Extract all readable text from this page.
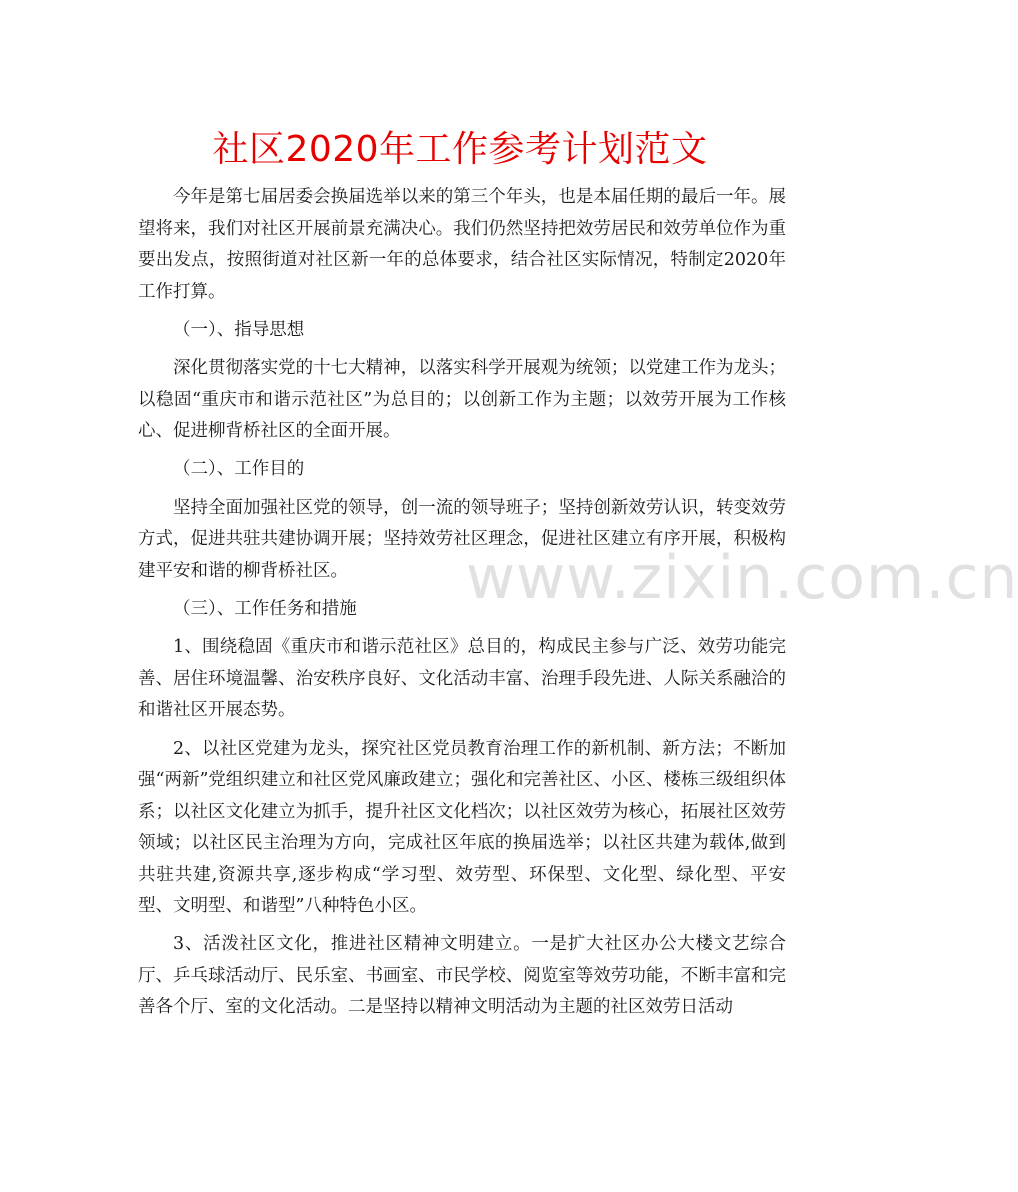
社区2020年工作参考计划范文

今年是第七届居委会换届选举以来的第三个年头，也是本届任期的最后一年。展望将来，我们对社区开展前景充满决心。我们仍然坚持把效劳居民和效劳单位作为重要出发点，按照街道对社区新一年的总体要求，结合社区实际情况，特制定2020年工作打算。

（一）、指导思想

深化贯彻落实党的十七大精神，以落实科学开展观为统领；以党建工作为龙头；以稳固“重庆市和谐示范社区”为总目的；以创新工作为主题；以效劳开展为工作核心、促进柳背桥社区的全面开展。

（二）、工作目的

坚持全面加强社区党的领导，创一流的领导班子；坚持创新效劳认识，转变效劳方式，促进共驻共建协调开展；坚持效劳社区理念，促进社区建立有序开展，积极构建平安和谐的柳背桥社区。

（三）、工作任务和措施

1、围绕稳固《重庆市和谐示范社区》总目的，构成民主参与广泛、效劳功能完善、居住环境温馨、治安秩序良好、文化活动丰富、治理手段先进、人际关系融洽的和谐社区开展态势。

2、以社区党建为龙头，探究社区党员教育治理工作的新机制、新方法；不断加强“两新”党组织建立和社区党风廉政建立；强化和完善社区、小区、楼栋三级组织体系；以社区文化建立为抓手，提升社区文化档次；以社区效劳为核心，拓展社区效劳领域；以社区民主治理为方向，完成社区年底的换届选举；以社区共建为载体,做到共驻共建,资源共享,逐步构成“学习型、效劳型、环保型、文化型、绿化型、平安型、文明型、和谐型”八种特色小区。

3、活泼社区文化，推进社区精神文明建立。一是扩大社区办公大楼文艺综合厅、乒乓球活动厅、民乐室、书画室、市民学校、阅览室等效劳功能，不断丰富和完善各个厅、室的文化活动。二是坚持以精神文明活动为主题的社区效劳日活动

www.zixin.com.cn
